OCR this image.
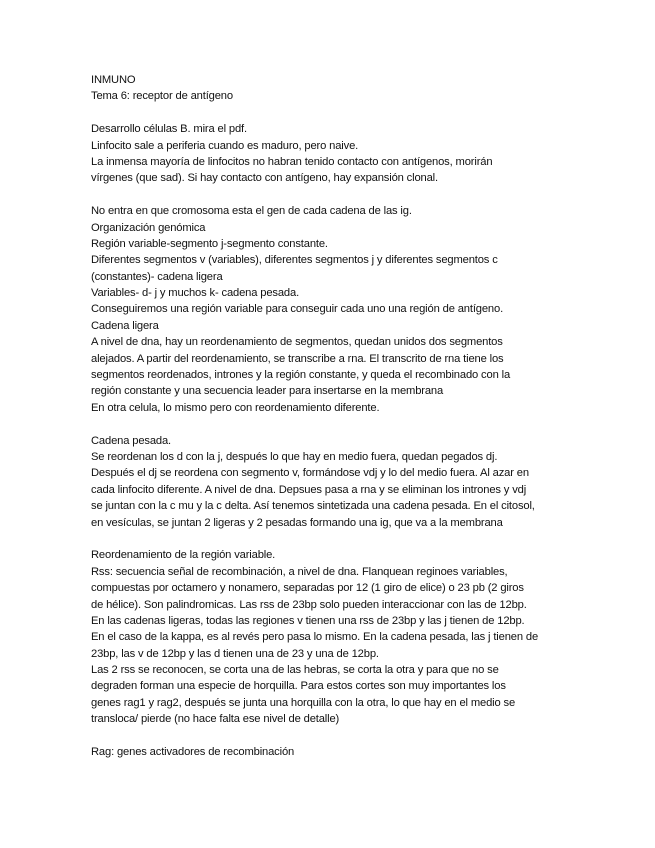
INMUNO
Tema 6: receptor de antígeno
Desarrollo células B. mira el pdf.
Linfocito sale a periferia cuando es maduro, pero naive.
La inmensa mayoría de linfocitos no habran tenido contacto con antígenos, morirán
vírgenes (que sad). Si hay contacto con antígeno, hay expansión clonal.
No entra en que cromosoma esta el gen de cada cadena de las ig.
Organización genómica
Región variable-segmento j-segmento constante.
Diferentes segmentos v (variables), diferentes segmentos j y diferentes segmentos c
(constantes)- cadena ligera
Variables- d- j y muchos k- cadena pesada.
Conseguiremos una región variable para conseguir cada uno una región de antígeno.
Cadena ligera
A nivel de dna, hay un reordenamiento de segmentos, quedan unidos dos segmentos
alejados. A partir del reordenamiento, se transcribe a rna. El transcrito de rna tiene los
segmentos reordenados, intrones y la región constante, y queda el recombinado con la
región constante y una secuencia leader para insertarse en la membrana
En otra celula, lo mismo pero con reordenamiento diferente.
Cadena pesada.
Se reordenan los d con la j, después lo que hay en medio fuera, quedan pegados dj.
Después el dj se reordena con segmento v, formándose vdj y lo del medio fuera. Al azar en
cada linfocito diferente. A nivel de dna. Depsues pasa a rna y se eliminan los intrones y vdj
se juntan con la c mu y la c delta. Así tenemos sintetizada una cadena pesada. En el citosol,
en vesículas, se juntan 2 ligeras y 2 pesadas formando una ig, que va a la membrana
Reordenamiento de la región variable.
Rss: secuencia señal de recombinación, a nivel de dna. Flanquean reginoes variables,
compuestas por octamero y nonamero, separadas por 12 (1 giro de elice) o 23 pb (2 giros
de hélice). Son palindromicas. Las rss de 23bp solo pueden interaccionar con las de 12bp.
En las cadenas ligeras, todas las regiones v tienen una rss de 23bp y las j tienen de 12bp.
En el caso de la kappa, es al revés pero pasa lo mismo. En la cadena pesada, las j tienen de
23bp, las v de 12bp y las d tienen una de 23 y una de 12bp.
Las 2 rss se reconocen, se corta una de las hebras, se corta la otra y para que no se
degraden forman una especie de horquilla. Para estos cortes son muy importantes los
genes rag1 y rag2, después se junta una horquilla con la otra, lo que hay en el medio se
transloca/ pierde (no hace falta ese nivel de detalle)
Rag: genes activadores de recombinación
